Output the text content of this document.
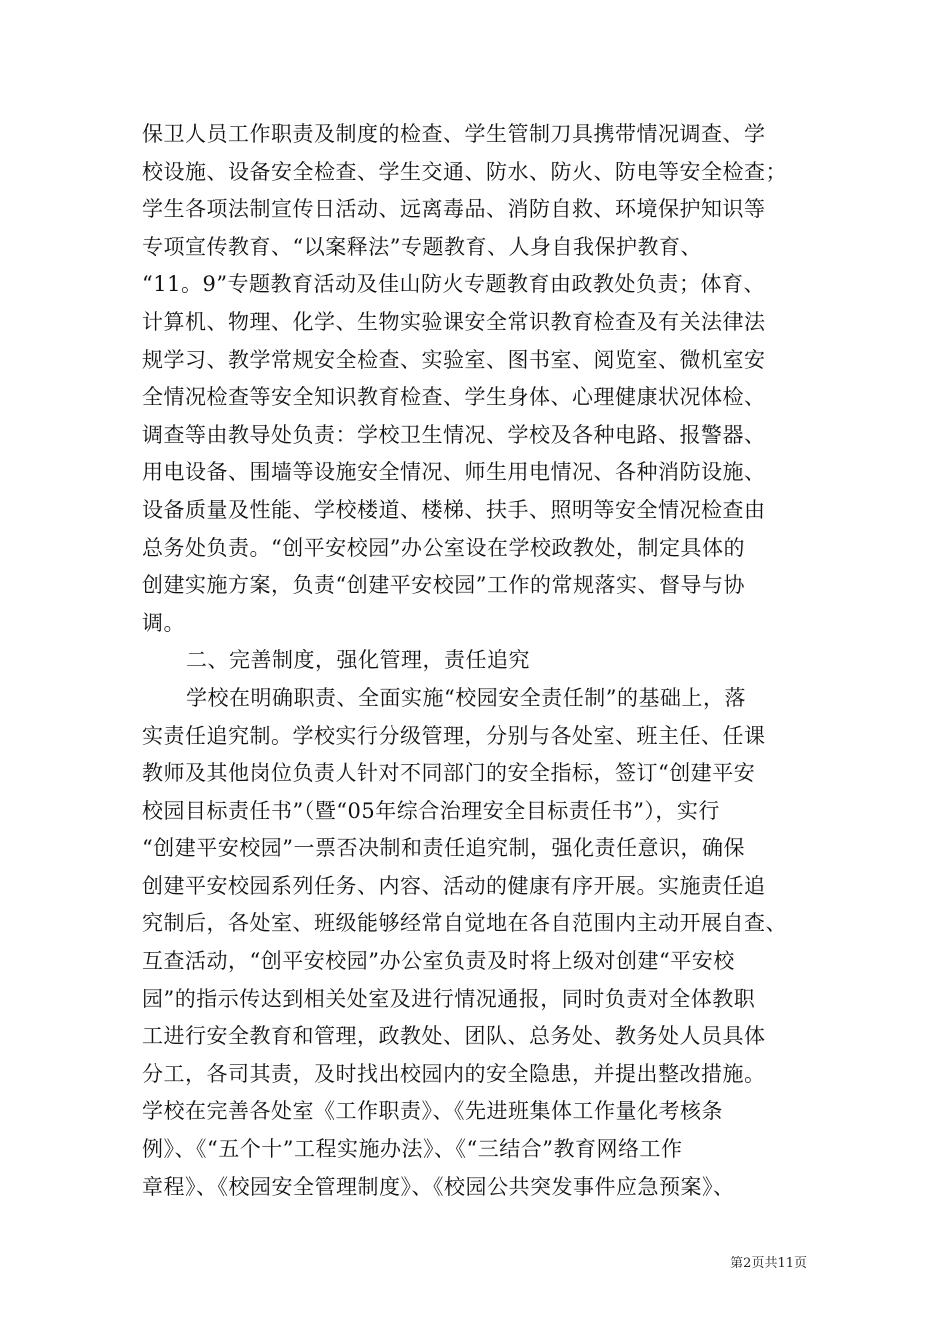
保卫人员工作职责及制度的检查、学生管制刀具携带情况调查、学
校设施、设备安全检查、学生交通、防水、防火、防电等安全检查；
学生各项法制宣传日活动、远离毒品、消防自救、环境保护知识等
专项宣传教育、“以案释法”专题教育、人身自我保护教育、
“11。9”专题教育活动及佳山防火专题教育由政教处负责；体育、
计算机、物理、化学、生物实验课安全常识教育检查及有关法律法
规学习、教学常规安全检查、实验室、图书室、阅览室、微机室安
全情况检查等安全知识教育检查、学生身体、心理健康状况体检、
调查等由教导处负责：学校卫生情况、学校及各种电路、报警器、
用电设备、围墙等设施安全情况、师生用电情况、各种消防设施、
设备质量及性能、学校楼道、楼梯、扶手、照明等安全情况检查由
总务处负责。“创平安校园”办公室设在学校政教处，制定具体的
创建实施方案，负责“创建平安校园”工作的常规落实、督导与协
调。
二、完善制度，强化管理，责任追究
学校在明确职责、全面实施“校园安全责任制”的基础上，落
实责任追究制。学校实行分级管理，分别与各处室、班主任、任课
教师及其他岗位负责人针对不同部门的安全指标，签订“创建平安
校园目标责任书”（暨“05年综合治理安全目标责任书”），实行
“创建平安校园”一票否决制和责任追究制，强化责任意识，确保
创建平安校园系列任务、内容、活动的健康有序开展。实施责任追
究制后，各处室、班级能够经常自觉地在各自范围内主动开展自查、
互查活动，“创平安校园”办公室负责及时将上级对创建“平安校
园”的指示传达到相关处室及进行情况通报，同时负责对全体教职
工进行安全教育和管理，政教处、团队、总务处、教务处人员具体
分工，各司其责，及时找出校园内的安全隐患，并提出整改措施。
学校在完善各处室《工作职责》、《先进班集体工作量化考核条
例》、《“五个十”工程实施办法》、《“三结合”教育网络工作
章程》、《校园安全管理制度》、《校园公共突发事件应急预案》、
第2页共11页
